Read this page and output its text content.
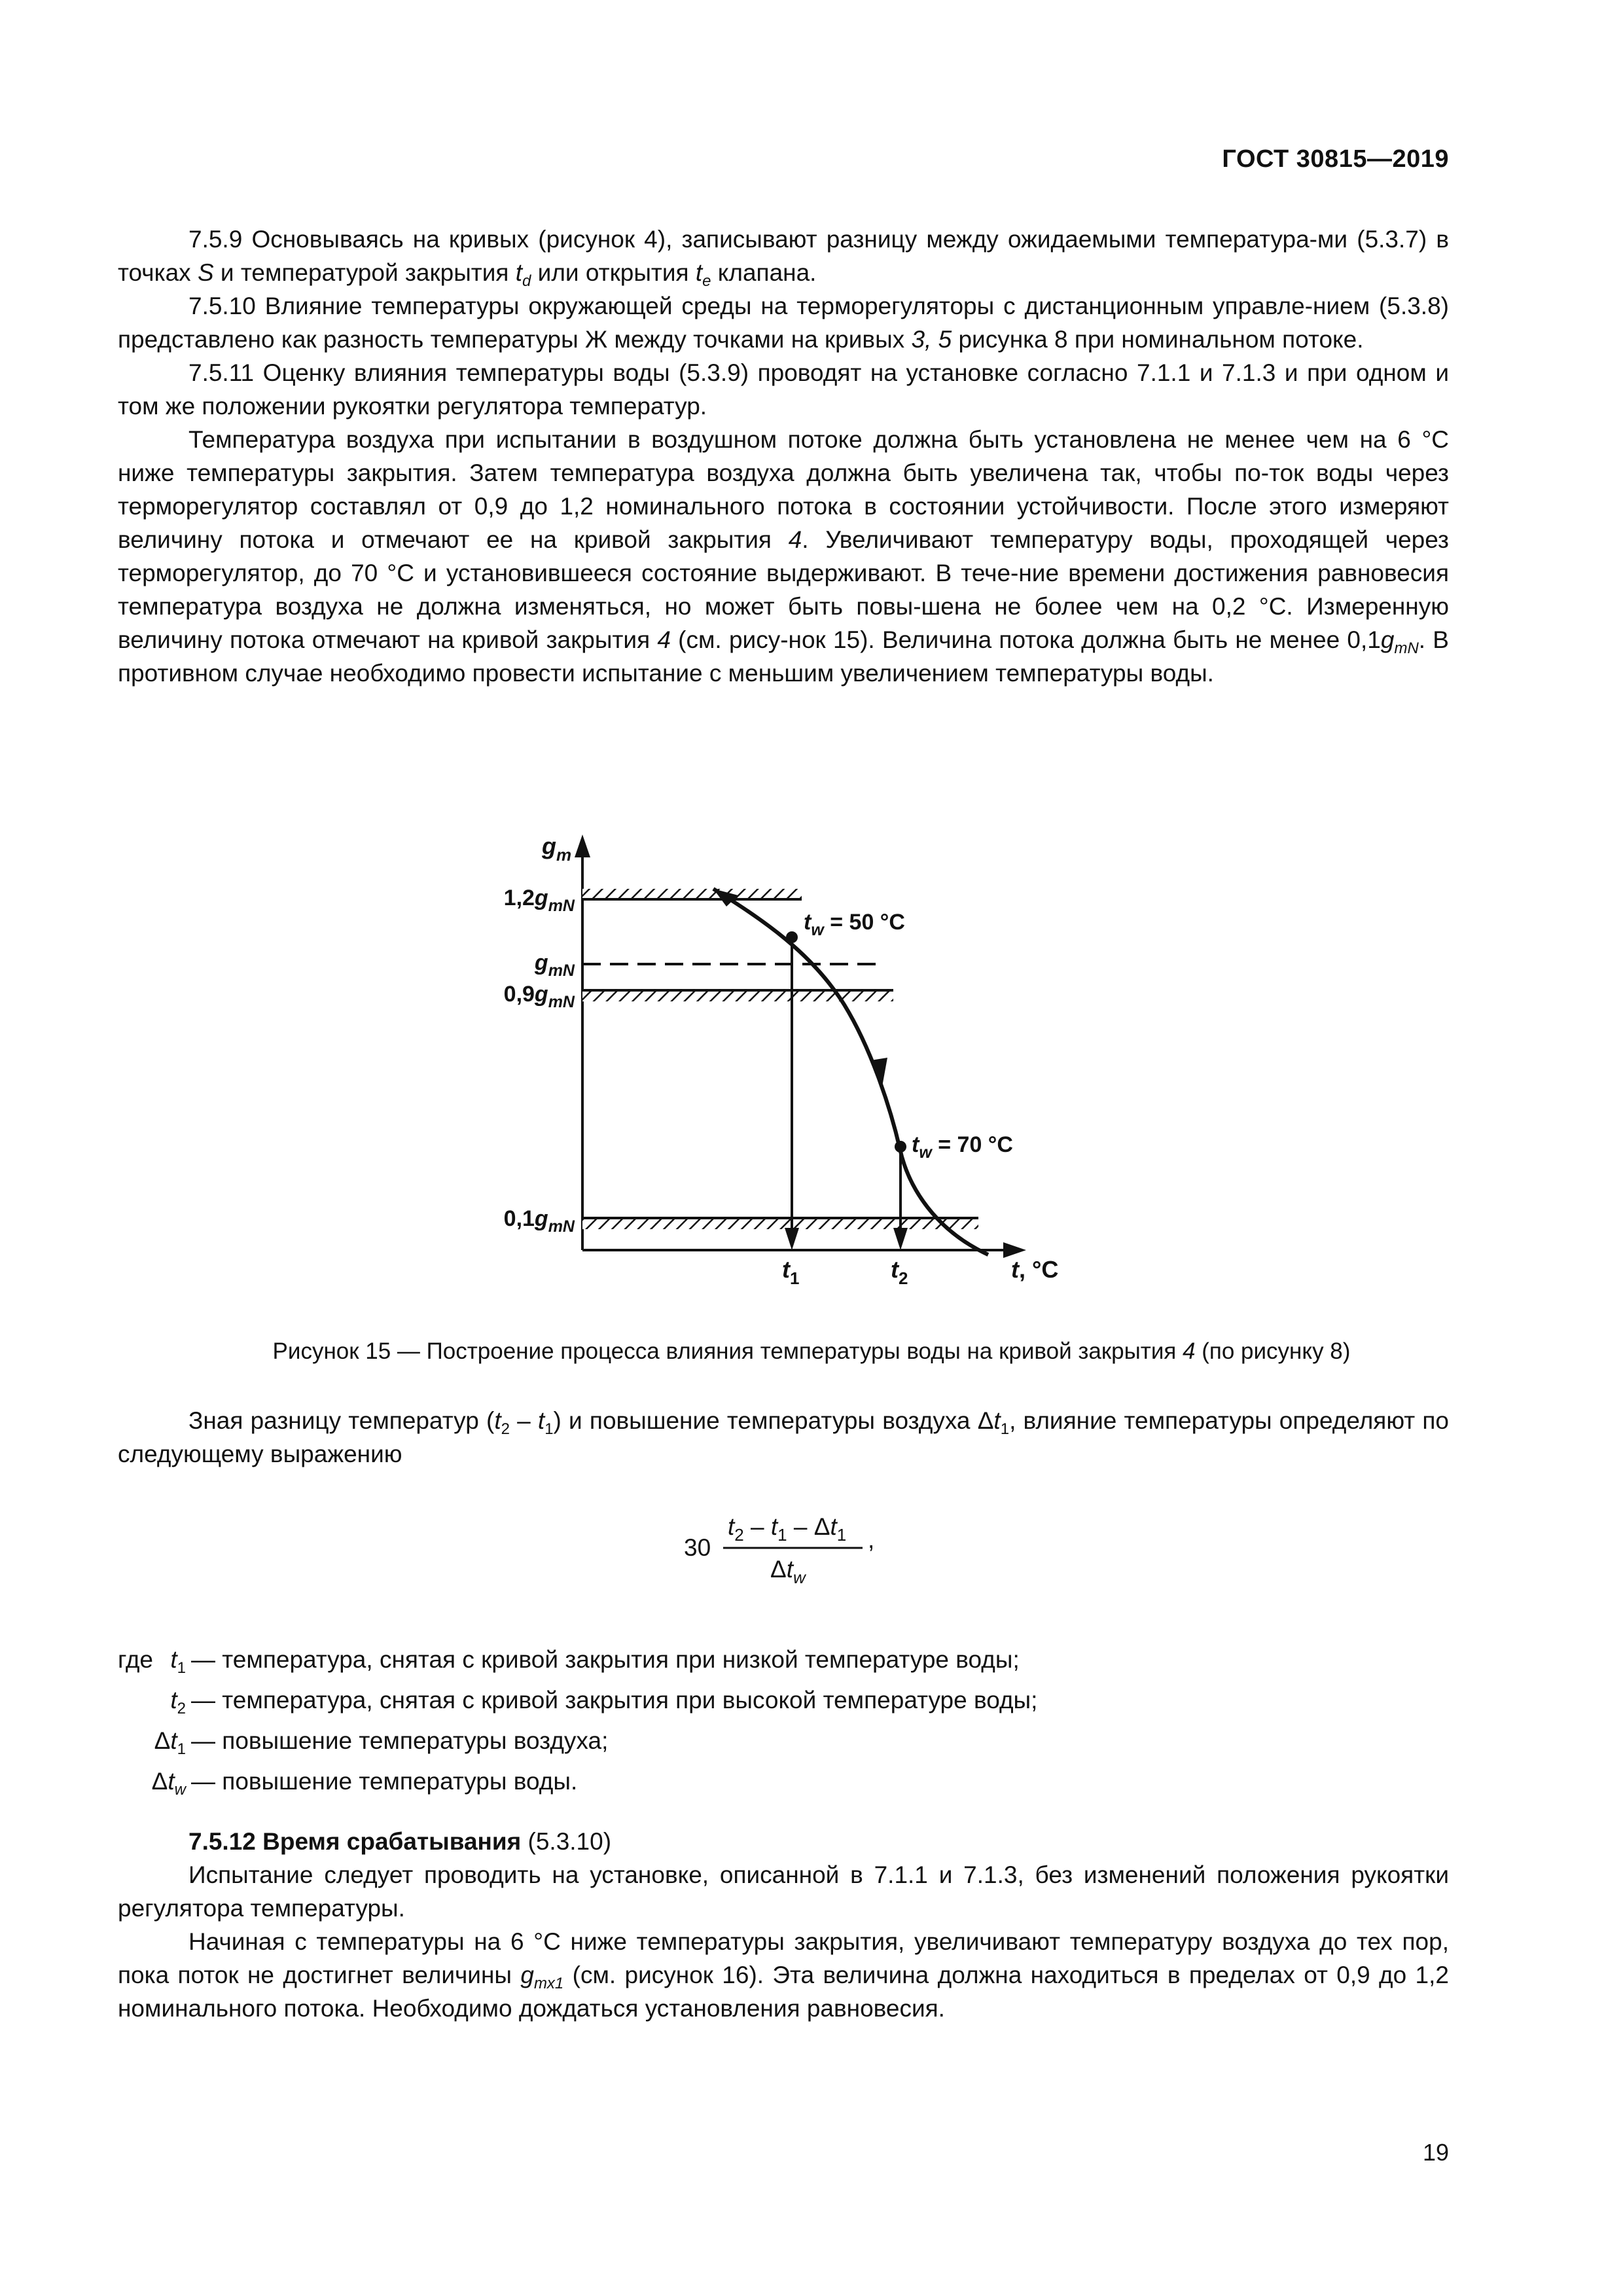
ГОСТ 30815—2019

7.5.9 Основываясь на кривых (рисунок 4), записывают разницу между ожидаемыми температура-ми (5.3.7) в точках S и температурой закрытия $t_d$ или открытия $t_e$ клапана.

7.5.10 Влияние температуры окружающей среды на терморегуляторы с дистанционным управле-нием (5.3.8) представлено как разность температуры Ж между точками на кривых 3, 5 рисунка 8 при номинальном потоке.

7.5.11 Оценку влияния температуры воды (5.3.9) проводят на установке согласно 7.1.1 и 7.1.3 и при одном и том же положении рукоятки регулятора температур.

Температура воздуха при испытании в воздушном потоке должна быть установлена не менее чем на 6 °С ниже температуры закрытия. Затем температура воздуха должна быть увеличена так, чтобы по-ток воды через терморегулятор составлял от 0,9 до 1,2 номинального потока в состоянии устойчивости. После этого измеряют величину потока и отмечают ее на кривой закрытия 4. Увеличивают температуру воды, проходящей через терморегулятор, до 70 °С и установившееся состояние выдерживают. В тече-ние времени достижения равновесия температура воздуха не должна изменяться, но может быть повы-шена не более чем на 0,2 °С. Измеренную величину потока отмечают на кривой закрытия 4 (см. рису-нок 15). Величина потока должна быть не менее $0,1g_{mN}$. В противном случае необходимо провести испытание с меньшим увеличением температуры воды.

$g_m$
$1,2g_{mN}$
$g_{mN}$
$0,9g_{mN}$
$0,1g_{mN}$
$t_w = 50$ °C
$t_w = 70$ °C
$t_1$	$t_2$	t, °C
Рисунок 15 — Построение процесса влияния температуры воды на кривой закрытия 4 (по рисунку 8)

Зная разницу температур $(t_2 - t_1)$ и повышение температуры воздуха $\Delta t_1$, влияние температуры определяют по следующему выражению

30
$t_2 - t_1 - \Delta t_1$
$\Delta t_w$
,
где $t_1$ — температура, снятая с кривой закрытия при низкой температуре воды;
$t_2$ — температура, снятая с кривой закрытия при высокой температуре воды;
$\Delta t_1$ — повышение температуры воздуха;
$\Delta t_w$ — повышение температуры воды.

7.5.12 Время срабатывания (5.3.10)

Испытание следует проводить на установке, описанной в 7.1.1 и 7.1.3, без изменений положения рукоятки регулятора температуры.

Начиная с температуры на 6 °С ниже температуры закрытия, увеличивают температуру воздуха до тех пор, пока поток не достигнет величины $g_{mx1}$ (см. рисунок 16). Эта величина должна находиться в пределах от 0,9 до 1,2 номинального потока. Необходимо дождаться установления равновесия.

19
